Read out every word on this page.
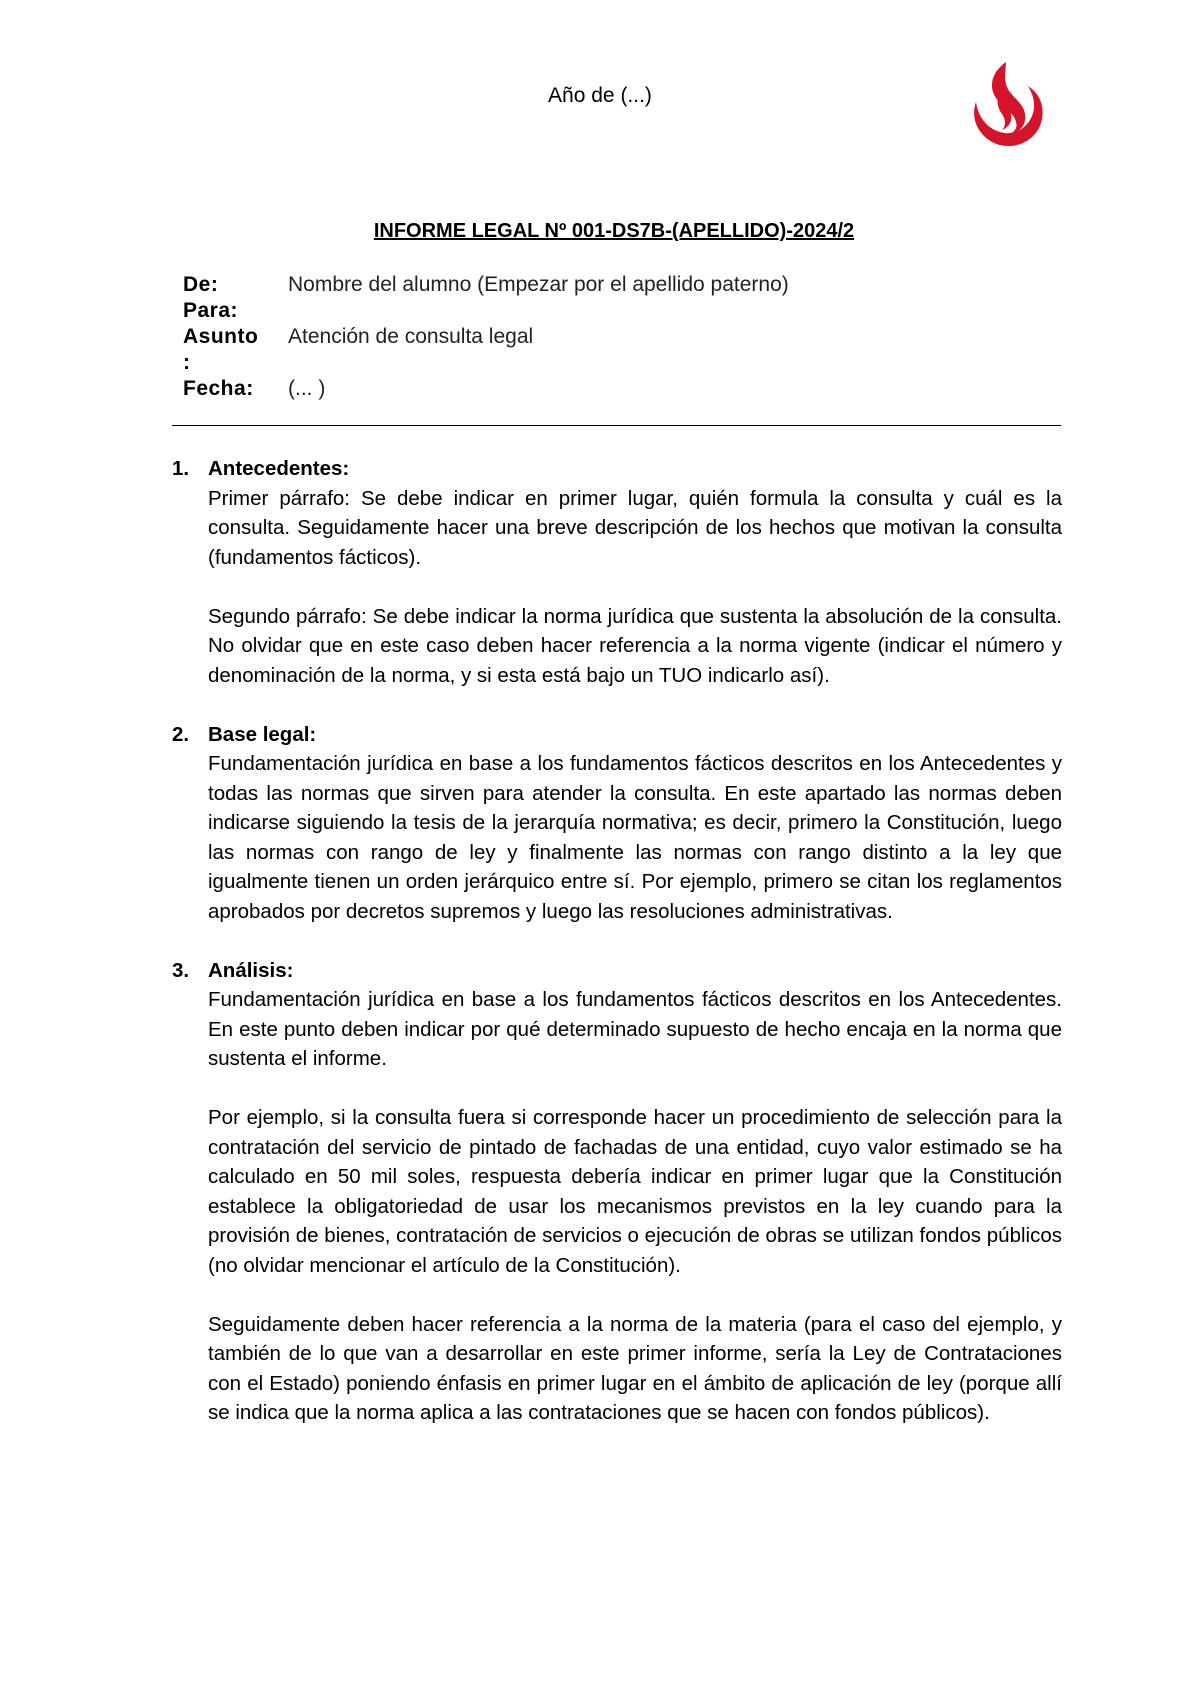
Año de (...)
INFORME LEGAL Nº 001-DS7B-(APELLIDO)-2024/2
De:	Nombre del alumno (Empezar por el apellido paterno)
Para:
Asunto	Atención de consulta legal
:
Fecha:	(... )
1. Antecedentes:

Primer párrafo: Se debe indicar en primer lugar, quién formula la consulta y cuál es la consulta. Seguidamente hacer una breve descripción de los hechos que motivan la consulta (fundamentos fácticos).

Segundo párrafo: Se debe indicar la norma jurídica que sustenta la absolución de la consulta. No olvidar que en este caso deben hacer referencia a la norma vigente (indicar el número y denominación de la norma, y si esta está bajo un TUO indicarlo así).

2. Base legal:

Fundamentación jurídica en base a los fundamentos fácticos descritos en los Antecedentes y todas las normas que sirven para atender la consulta. En este apartado las normas deben indicarse siguiendo la tesis de la jerarquía normativa; es decir, primero la Constitución, luego las normas con rango de ley y finalmente las normas con rango distinto a la ley que igualmente tienen un orden jerárquico entre sí. Por ejemplo, primero se citan los reglamentos aprobados por decretos supremos y luego las resoluciones administrativas.

3. Análisis:

Fundamentación jurídica en base a los fundamentos fácticos descritos en los Antecedentes. En este punto deben indicar por qué determinado supuesto de hecho encaja en la norma que sustenta el informe.

Por ejemplo, si la consulta fuera si corresponde hacer un procedimiento de selección para la contratación del servicio de pintado de fachadas de una entidad, cuyo valor estimado se ha calculado en 50 mil soles, respuesta debería indicar en primer lugar que la Constitución establece la obligatoriedad de usar los mecanismos previstos en la ley cuando para la provisión de bienes, contratación de servicios o ejecución de obras se utilizan fondos públicos (no olvidar mencionar el artículo de la Constitución).

Seguidamente deben hacer referencia a la norma de la materia (para el caso del ejemplo, y también de lo que van a desarrollar en este primer informe, sería la Ley de Contrataciones con el Estado) poniendo énfasis en primer lugar en el ámbito de aplicación de ley (porque allí se indica que la norma aplica a las contrataciones que se hacen con fondos públicos).
